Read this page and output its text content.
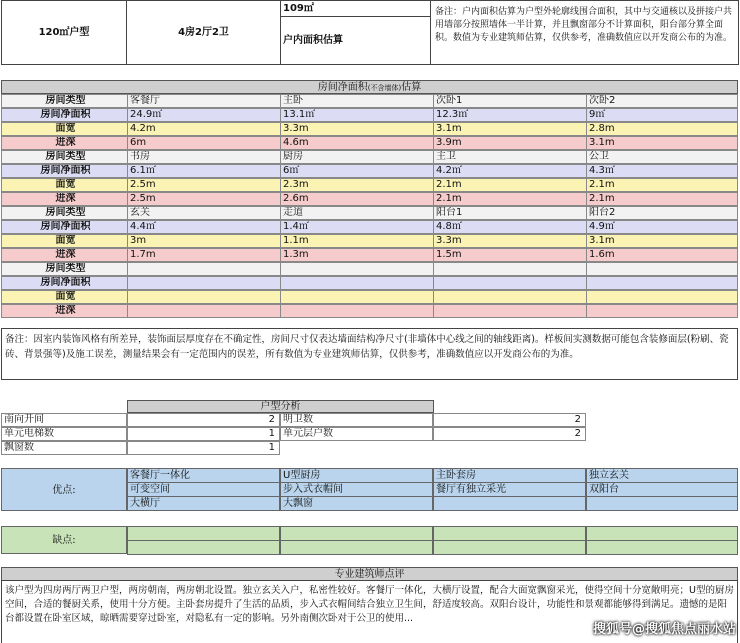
120㎡户型	4房2厅2卫
109㎡
户内面积估算
备注：户内面积估算为户型外轮廓线围合面积，其中与交通核以及拼接户共用墙部分按照墙体一半计算，并且飘窗部分不计算面积，阳台部分算全面积。数值为专业建筑师估算，仅供参考，准确数值应以开发商公布的为准。
房间净面积(不含墙体)估算
房间类型	客餐厅	主卧	次卧1	次卧2
房间净面积	24.9㎡	13.1㎡	12.3㎡	9㎡
面宽	4.2m	3.3m	3.1m	2.8m
进深	6m	4.6m	3.9m	3.1m
房间类型	书房	厨房	主卫	公卫
房间净面积	6.1㎡	6㎡	4.2㎡	4.3㎡
面宽	2.5m	2.3m	2.1m	2.1m
进深	2.5m	2.6m	2.1m	2.1m
房间类型	玄关	走道	阳台1	阳台2
房间净面积	4.4㎡	1.4㎡	4.8㎡	4.9㎡
面宽	3m	1.1m	3.3m	3.1m
进深	1.7m	1.3m	1.5m	1.6m
房间类型
房间净面积
面宽
进深
备注：因室内装饰风格有所差异，装饰面层厚度存在不确定性，房间尺寸仅表达墙面结构净尺寸(非墙体中心线之间的轴线距离)。样板间实测数据可能包含装修面层(粉刷、瓷砖、背景强等)及施工误差，测量结果会有一定范围内的误差，所有数值为专业建筑师估算，仅供参考，准确数值应以开发商公布的为准。
户型分析
南向开间	2 明卫数	2
单元电梯数	1 单元层户数	2
飘窗数	1
优点:
客餐厅一体化	U型厨房	主卧套房	独立玄关
可变空间	步入式衣帽间	餐厅有独立采光	双阳台
大横厅	大飘窗
缺点:
专业建筑师点评
该户型为四房两厅两卫户型，两房朝南，两房朝北设置。独立玄关入户，私密性较好。客餐厅一体化，大横厅设置，配合大面宽飘窗采光，使得空间十分宽敞明亮；U型的厨房空间，合适的餐厨关系，使用十分方便。主卧套房提升了生活的品质，步入式衣帽间结合独立卫生间，舒适度较高。双阳台设计，功能性和景观都能够得到满足。遗憾的是阳台都设置在卧室区域，晾晒需要穿过卧室，对隐私有一定的影响。另外南侧次卧对于公卫的使用...
搜狐号@搜狐焦点丽水站
